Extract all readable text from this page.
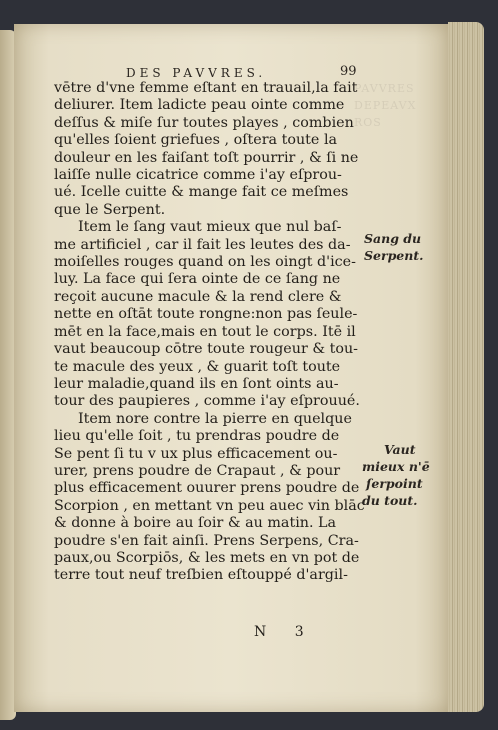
PAVVRES
DEPEAVX
ROS
DES PAVVRES.	99
vētre d'vne femme eſtant en trauail,la fait
deliurer. Item ladicte peau ointe comme
deſſus & miſe ſur toutes playes , combien
qu'elles ſoient griefues , oſtera toute la
douleur en les faiſant toſt pourrir , & ſi ne
laiſſe nulle cicatrice comme i'ay eſprou-
ué. Icelle cuitte & mange fait ce meſmes
que le Serpent.
Item le ſang vaut mieux que nul baſ-
me artificiel , car il fait les leutes des da-
moiſelles rouges quand on les oingt d'ice-
luy. La face qui ſera ointe de ce ſang ne
reçoit aucune macule & la rend clere &
nette en oſtāt toute rongne:non pas ſeule-
mēt en la face,mais en tout le corps. Itē il
vaut beaucoup cōtre toute rougeur & tou-
te macule des yeux , & guarit toſt toute
leur maladie,quand ils en ſont oints au-
tour des paupieres , comme i'ay eſprouué.
Item nore contre la pierre en quelque
lieu qu'elle ſoit , tu prendras poudre de
Se pent ſi tu v ux plus efficacement ou-
urer, prens poudre de Crapaut , & pour
plus efficacement ouurer prens poudre de
Scorpion , en mettant vn peu auec vin blāc
& donne à boire au ſoir & au matin. La
poudre s'en fait ainſi. Prens Serpens, Cra-
paux,ou Scorpiōs, & les mets en vn pot de
terre tout neuf treſbien eſtouppé d'argil-
Sang du
Serpent.
Vaut
mieux n'ē
ſerpoint
du tout.
N 3
